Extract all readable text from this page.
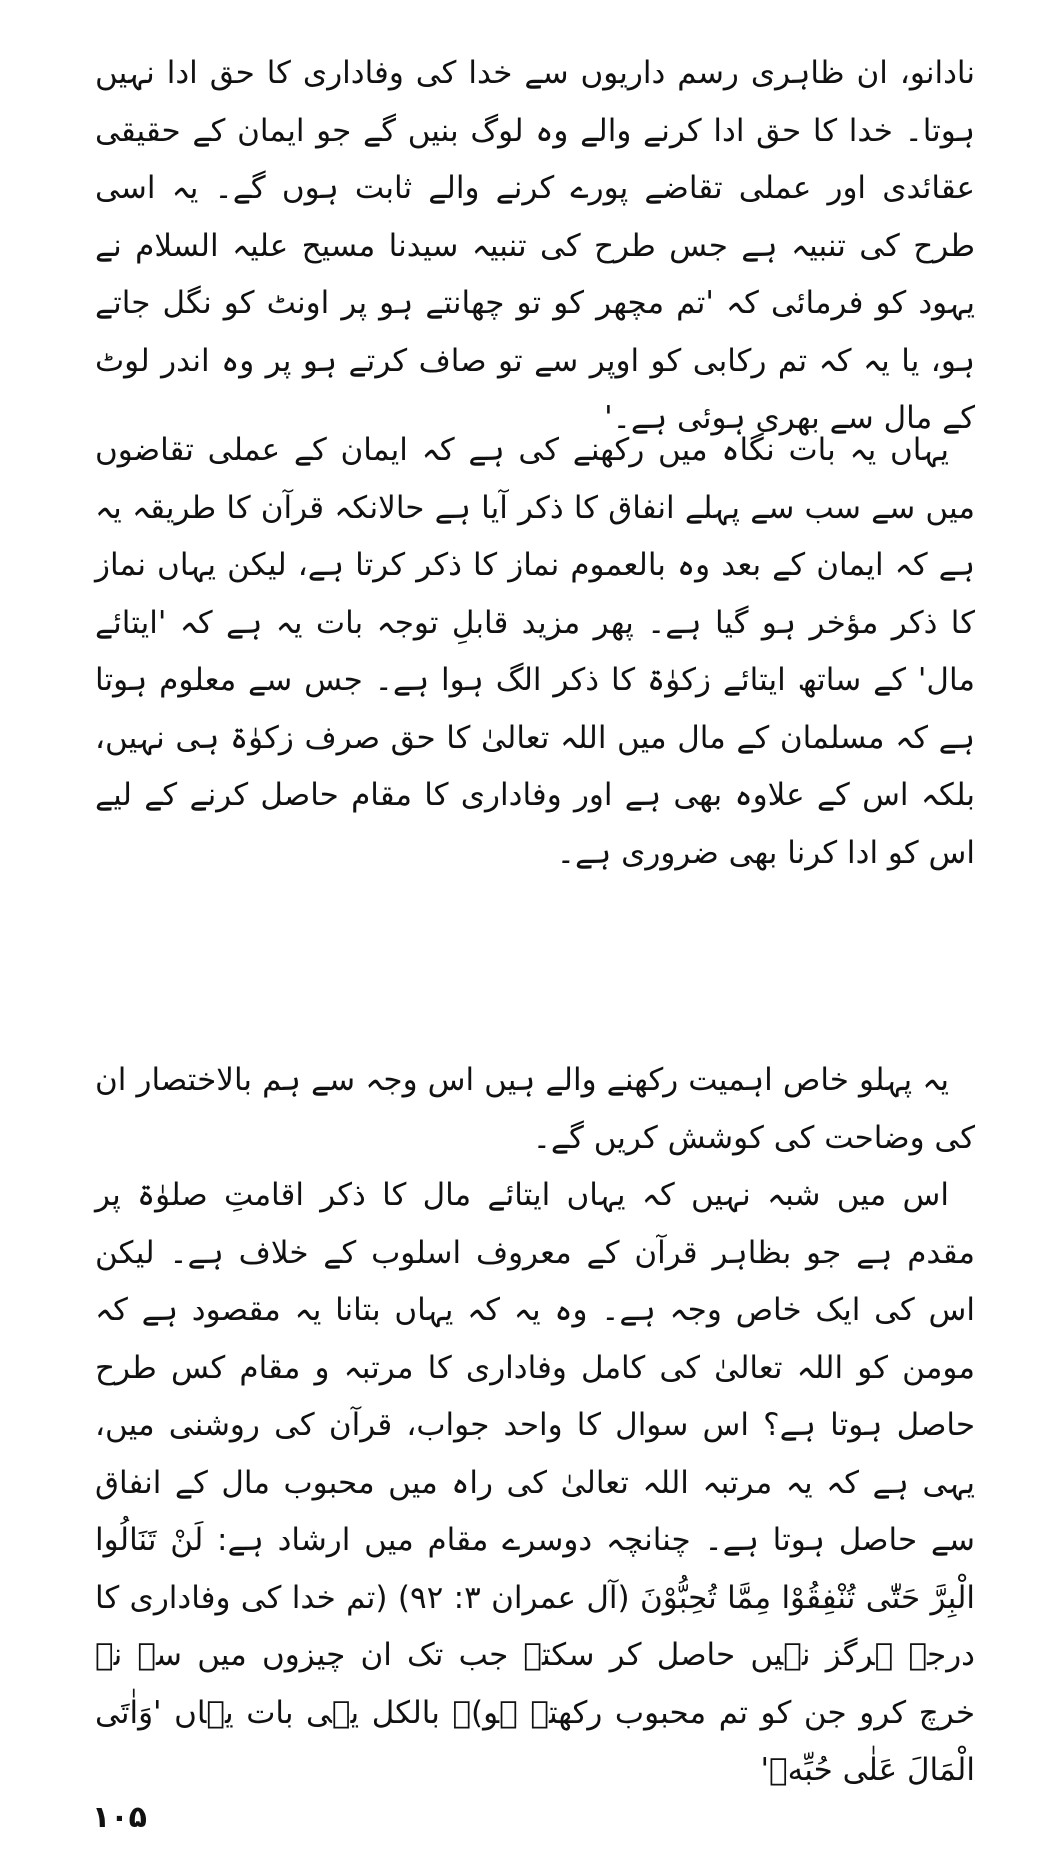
نادانو، ان ظاہری رسم داریوں سے خدا کی وفاداری کا حق ادا نہیں ہوتا۔ خدا کا حق ادا کرنے والے وہ لوگ بنیں گے جو ایمان کے حقیقی عقائدی اور عملی تقاضے پورے کرنے والے ثابت ہوں گے۔ یہ اسی طرح کی تنبیہ ہے جس طرح کی تنبیہ سیدنا مسیح علیہ السلام نے یہود کو فرمائی کہ 'تم مچھر کو تو چھانتے ہو پر اونٹ کو نگل جاتے ہو، یا یہ کہ تم رکابی کو اوپر سے تو صاف کرتے ہو پر وہ اندر لوٹ کے مال سے بھری ہوئی ہے۔'

یہاں یہ بات نگاہ میں رکھنے کی ہے کہ ایمان کے عملی تقاضوں میں سے سب سے پہلے انفاق کا ذکر آیا ہے حالانکہ قرآن کا طریقہ یہ ہے کہ ایمان کے بعد وہ بالعموم نماز کا ذکر کرتا ہے، لیکن یہاں نماز کا ذکر مؤخر ہو گیا ہے۔ پھر مزید قابلِ توجہ بات یہ ہے کہ 'ایتائے مال' کے ساتھ ایتائے زکوٰۃ کا ذکر الگ ہوا ہے۔ جس سے معلوم ہوتا ہے کہ مسلمان کے مال میں اللہ تعالیٰ کا حق صرف زکوٰۃ ہی نہیں، بلکہ اس کے علاوہ بھی ہے اور وفاداری کا مقام حاصل کرنے کے لیے اس کو ادا کرنا بھی ضروری ہے۔

یہ پہلو خاص اہمیت رکھنے والے ہیں اس وجہ سے ہم بالاختصار ان کی وضاحت کی کوشش کریں گے۔

اس میں شبہ نہیں کہ یہاں ایتائے مال کا ذکر اقامتِ صلوٰۃ پر مقدم ہے جو بظاہر قرآن کے معروف اسلوب کے خلاف ہے۔ لیکن اس کی ایک خاص وجہ ہے۔ وہ یہ کہ یہاں بتانا یہ مقصود ہے کہ مومن کو اللہ تعالیٰ کی کامل وفاداری کا مرتبہ و مقام کس طرح حاصل ہوتا ہے؟ اس سوال کا واحد جواب، قرآن کی روشنی میں، یہی ہے کہ یہ مرتبہ اللہ تعالیٰ کی راہ میں محبوب مال کے انفاق سے حاصل ہوتا ہے۔ چنانچہ دوسرے مقام میں ارشاد ہے: لَنْ تَنَالُوا الْبِرَّ حَتّٰى تُنْفِقُوْا مِمَّا تُحِبُّوْنَ (آل عمران ۳: ۹۲) (تم خدا کی وفاداری کا درجہ ہرگز نہیں حاصل کر سکتے جب تک ان چیزوں میں سے نہ خرچ کرو جن کو تم محبوب رکھتے ہو)۔ بالکل یہی بات یہاں 'وَاٰتَى الْمَالَ عَلٰى حُبِّهٖ'

۱۰۵
